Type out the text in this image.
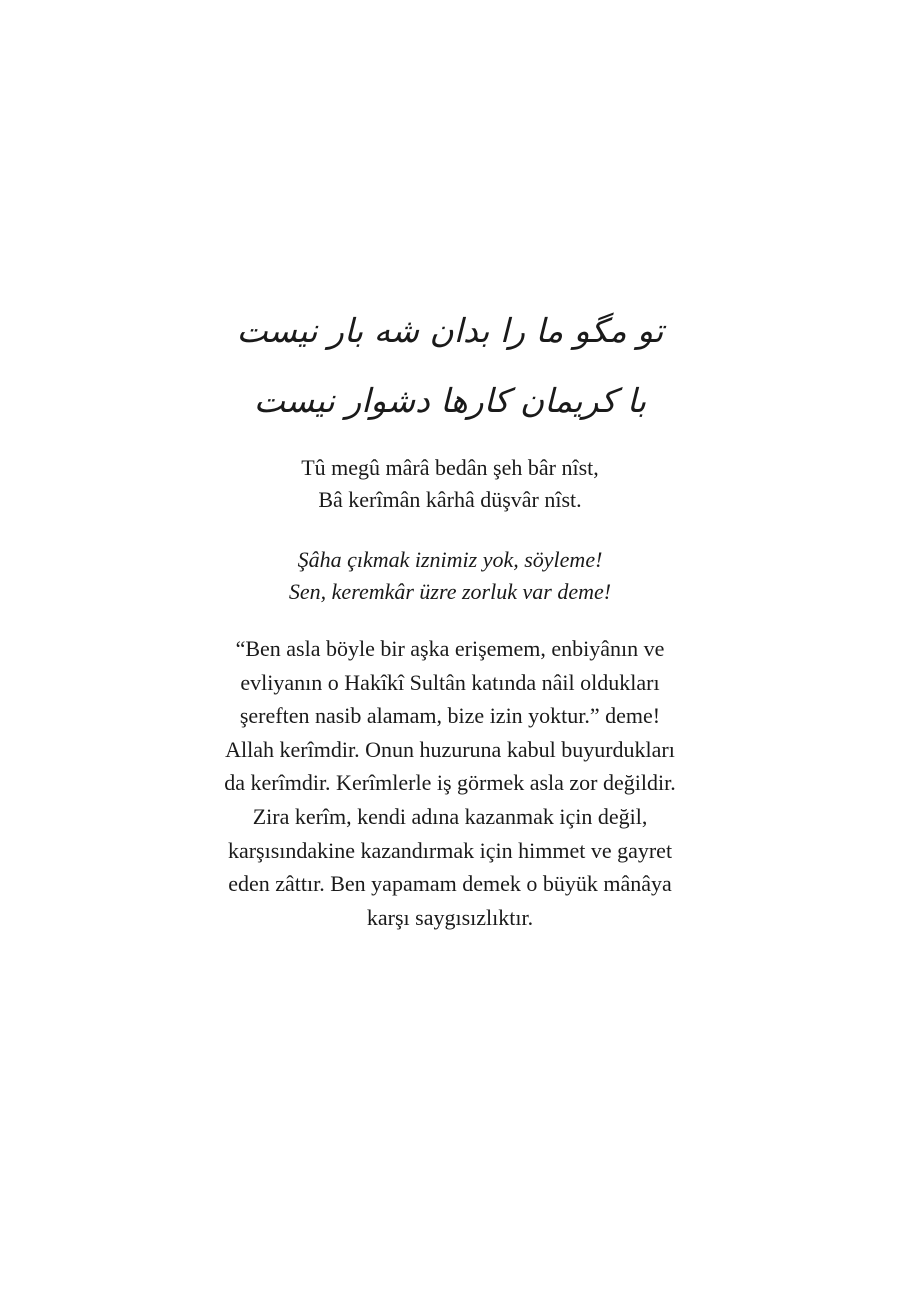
تو مگو ما را بدان شه بار نیست
با کریمان کارها دشوار نیست
Tû megû mârâ bedân şeh bâr nîst,
Bâ kerîmân kârhâ düşvâr nîst.
Şâha çıkmak iznimiz yok, söyleme!
Sen, keremkâr üzre zorluk var deme!
“Ben asla böyle bir aşka erişemem, enbiyânın ve
evliyanın o Hakîkî Sultân katında nâil oldukları
şereften nasib alamam, bize izin yoktur.” deme!
Allah kerîmdir. Onun huzuruna kabul buyurdukları
da kerîmdir. Kerîmlerle iş görmek asla zor değildir.
Zira kerîm, kendi adına kazanmak için değil,
karşısındakine kazandırmak için himmet ve gayret
eden zâttır. Ben yapamam demek o büyük mânâya
karşı saygısızlıktır.
